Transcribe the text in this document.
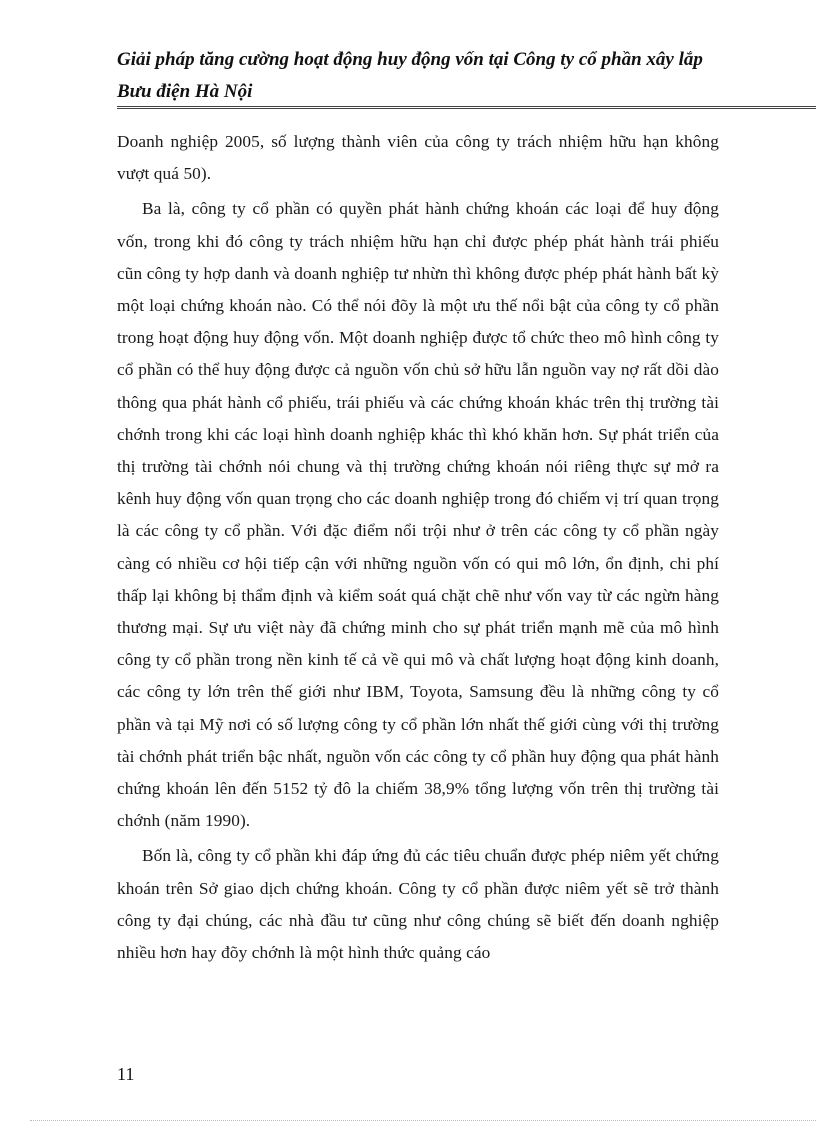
Giải pháp tăng cường hoạt động huy động vốn tại Công ty cổ phần xây lắp
Bưu điện Hà Nội

Doanh nghiệp 2005, số lượng thành viên của công ty trách nhiệm hữu hạn không vượt quá 50).

Ba là, công ty cổ phần có quyền phát hành chứng khoán các loại để huy động vốn, trong khi đó công ty trách nhiệm hữu hạn chỉ được phép phát hành trái phiếu cũn công ty hợp danh và doanh nghiệp tư nhừn thì không được phép phát hành bất kỳ một loại chứng khoán nào. Có thể nói đõy là một ưu thế nổi bật của công ty cổ phần trong hoạt động huy động vốn. Một doanh nghiệp được tổ chức theo mô hình công ty cổ phần có thể huy động được cả nguồn vốn chủ sở hữu lẫn nguồn vay nợ rất dồi dào thông qua phát hành cổ phiếu, trái phiếu và các chứng khoán khác trên thị trường tài chớnh trong khi các loại hình doanh nghiệp khác thì khó khăn hơn. Sự phát triển của thị trường tài chớnh nói chung và thị trường chứng khoán nói riêng thực sự mở ra kênh huy động vốn quan trọng cho các doanh nghiệp trong đó chiếm vị trí quan trọng là các công ty cổ phần. Với đặc điểm nổi trội như ở trên các công ty cổ phần ngày càng có nhiều cơ hội tiếp cận với những nguồn vốn có qui mô lớn, ổn định, chi phí thấp lại không bị thẩm định và kiểm soát quá chặt chẽ như vốn vay từ các ngừn hàng thương mại. Sự ưu việt này đã chứng minh cho sự phát triển mạnh mẽ của mô hình công ty cổ phần trong nền kinh tế cả về qui mô và chất lượng hoạt động kinh doanh, các công ty lớn trên thế giới như IBM, Toyota, Samsung đều là những công ty cổ phần và tại Mỹ nơi có số lượng công ty cổ phần lớn nhất thế giới cùng với thị trường tài chớnh phát triển bậc nhất, nguồn vốn các công ty cổ phần huy động qua phát hành chứng khoán lên đến 5152 tỷ đô la chiếm 38,9% tổng lượng vốn trên thị trường tài chớnh (năm 1990).

Bốn là, công ty cổ phần khi đáp ứng đủ các tiêu chuẩn được phép niêm yết chứng khoán trên Sở giao dịch chứng khoán. Công ty cổ phần được niêm yết sẽ trở thành công ty đại chúng, các nhà đầu tư cũng như công chúng sẽ biết đến doanh nghiệp nhiều hơn hay đõy chớnh là một hình thức quảng cáo

11
